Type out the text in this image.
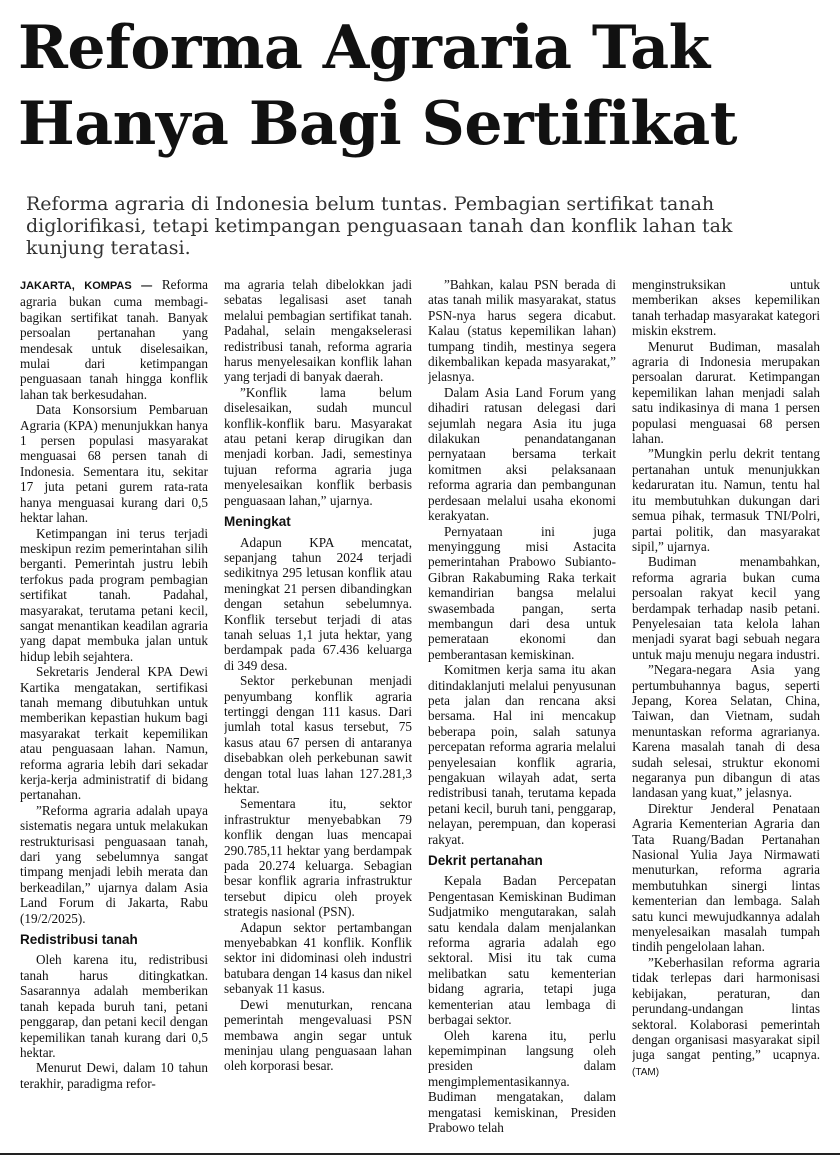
Reforma Agraria Tak Hanya Bagi Sertifikat

Reforma agraria di Indonesia belum tuntas. Pembagian sertifikat tanah diglorifikasi, tetapi ketimpangan penguasaan tanah dan konflik lahan tak kunjung teratasi.

JAKARTA, KOMPAS — Reforma agraria bukan cuma membagi-bagikan sertifikat tanah. Banyak persoalan pertanahan yang mendesak untuk diselesaikan, mulai dari ketimpangan penguasaan tanah hingga konflik lahan tak berkesudahan.

Data Konsorsium Pembaruan Agraria (KPA) menunjukkan hanya 1 persen populasi masyarakat menguasai 68 persen tanah di Indonesia. Sementara itu, sekitar 17 juta petani gurem rata-rata hanya menguasai kurang dari 0,5 hektar lahan.

Ketimpangan ini terus terjadi meskipun rezim pemerintahan silih berganti. Pemerintah justru lebih terfokus pada program pembagian sertifikat tanah. Padahal, masyarakat, terutama petani kecil, sangat menantikan keadilan agraria yang dapat membuka jalan untuk hidup lebih sejahtera.

Sekretaris Jenderal KPA Dewi Kartika mengatakan, sertifikasi tanah memang dibutuhkan untuk memberikan kepastian hukum bagi masyarakat terkait kepemilikan atau penguasaan lahan. Namun, reforma agraria lebih dari sekadar kerja-kerja administratif di bidang pertanahan.

”Reforma agraria adalah upaya sistematis negara untuk melakukan restrukturisasi penguasaan tanah, dari yang sebelumnya sangat timpang menjadi lebih merata dan berkeadilan,” ujarnya dalam Asia Land Forum di Jakarta, Rabu (19/2/2025).

Redistribusi tanah

Oleh karena itu, redistribusi tanah harus ditingkatkan. Sasarannya adalah memberikan tanah kepada buruh tani, petani penggarap, dan petani kecil dengan kepemilikan tanah kurang dari 0,5 hektar.

Menurut Dewi, dalam 10 tahun terakhir, paradigma refor-

ma agraria telah dibelokkan jadi sebatas legalisasi aset tanah melalui pembagian sertifikat tanah. Padahal, selain mengakselerasi redistribusi tanah, reforma agraria harus menyelesaikan konflik lahan yang terjadi di banyak daerah.

”Konflik lama belum diselesaikan, sudah muncul konflik-konflik baru. Masyarakat atau petani kerap dirugikan dan menjadi korban. Jadi, semestinya tujuan reforma agraria juga menyelesaikan konflik berbasis penguasaan lahan,” ujarnya.

Meningkat

Adapun KPA mencatat, sepanjang tahun 2024 terjadi sedikitnya 295 letusan konflik atau meningkat 21 persen dibandingkan dengan setahun sebelumnya. Konflik tersebut terjadi di atas tanah seluas 1,1 juta hektar, yang berdampak pada 67.436 keluarga di 349 desa.

Sektor perkebunan menjadi penyumbang konflik agraria tertinggi dengan 111 kasus. Dari jumlah total kasus tersebut, 75 kasus atau 67 persen di antaranya disebabkan oleh perkebunan sawit dengan total luas lahan 127.281,3 hektar.

Sementara itu, sektor infrastruktur menyebabkan 79 konflik dengan luas mencapai 290.785,11 hektar yang berdampak pada 20.274 keluarga. Sebagian besar konflik agraria infrastruktur tersebut dipicu oleh proyek strategis nasional (PSN).

Adapun sektor pertambangan menyebabkan 41 konflik. Konflik sektor ini didominasi oleh industri batubara dengan 14 kasus dan nikel sebanyak 11 kasus.

Dewi menuturkan, rencana pemerintah mengevaluasi PSN membawa angin segar untuk meninjau ulang penguasaan lahan oleh korporasi besar.

”Bahkan, kalau PSN berada di atas tanah milik masyarakat, status PSN-nya harus segera dicabut. Kalau (status kepemilikan lahan) tumpang tindih, mestinya segera dikembalikan kepada masyarakat,” jelasnya.

Dalam Asia Land Forum yang dihadiri ratusan delegasi dari sejumlah negara Asia itu juga dilakukan penandatanganan pernyataan bersama terkait komitmen aksi pelaksanaan reforma agraria dan pembangunan perdesaan melalui usaha ekonomi kerakyatan.

Pernyataan ini juga menyinggung misi Astacita pemerintahan Prabowo Subianto-Gibran Rakabuming Raka terkait kemandirian bangsa melalui swasembada pangan, serta membangun dari desa untuk pemerataan ekonomi dan pemberantasan kemiskinan.

Komitmen kerja sama itu akan ditindaklanjuti melalui penyusunan peta jalan dan rencana aksi bersama. Hal ini mencakup beberapa poin, salah satunya percepatan reforma agraria melalui penyelesaian konflik agraria, pengakuan wilayah adat, serta redistribusi tanah, terutama kepada petani kecil, buruh tani, penggarap, nelayan, perempuan, dan koperasi rakyat.

Dekrit pertanahan

Kepala Badan Percepatan Pengentasan Kemiskinan Budiman Sudjatmiko mengutarakan, salah satu kendala dalam menjalankan reforma agraria adalah ego sektoral. Misi itu tak cuma melibatkan satu kementerian bidang agraria, tetapi juga kementerian atau lembaga di berbagai sektor.

Oleh karena itu, perlu kepemimpinan langsung oleh presiden dalam mengimplementasikannya. Budiman mengatakan, dalam mengatasi kemiskinan, Presiden Prabowo telah

menginstruksikan untuk memberikan akses kepemilikan tanah terhadap masyarakat kategori miskin ekstrem.

Menurut Budiman, masalah agraria di Indonesia merupakan persoalan darurat. Ketimpangan kepemilikan lahan menjadi salah satu indikasinya di mana 1 persen populasi menguasai 68 persen lahan.

”Mungkin perlu dekrit tentang pertanahan untuk menunjukkan kedaruratan itu. Namun, tentu hal itu membutuhkan dukungan dari semua pihak, termasuk TNI/Polri, partai politik, dan masyarakat sipil,” ujarnya.

Budiman menambahkan, reforma agraria bukan cuma persoalan rakyat kecil yang berdampak terhadap nasib petani. Penyelesaian tata kelola lahan menjadi syarat bagi sebuah negara untuk maju menuju negara industri.

”Negara-negara Asia yang pertumbuhannya bagus, seperti Jepang, Korea Selatan, China, Taiwan, dan Vietnam, sudah menuntaskan reforma agrarianya. Karena masalah tanah di desa sudah selesai, struktur ekonomi negaranya pun dibangun di atas landasan yang kuat,” jelasnya.

Direktur Jenderal Penataan Agraria Kementerian Agraria dan Tata Ruang/Badan Pertanahan Nasional Yulia Jaya Nirmawati menuturkan, reforma agraria membutuhkan sinergi lintas kementerian dan lembaga. Salah satu kunci mewujudkannya adalah menyelesaikan masalah tumpah tindih pengelolaan lahan.

”Keberhasilan reforma agraria tidak terlepas dari harmonisasi kebijakan, peraturan, dan perundang-undangan lintas sektoral. Kolaborasi pemerintah dengan organisasi masyarakat sipil juga sangat penting,” ucapnya. (TAM)
